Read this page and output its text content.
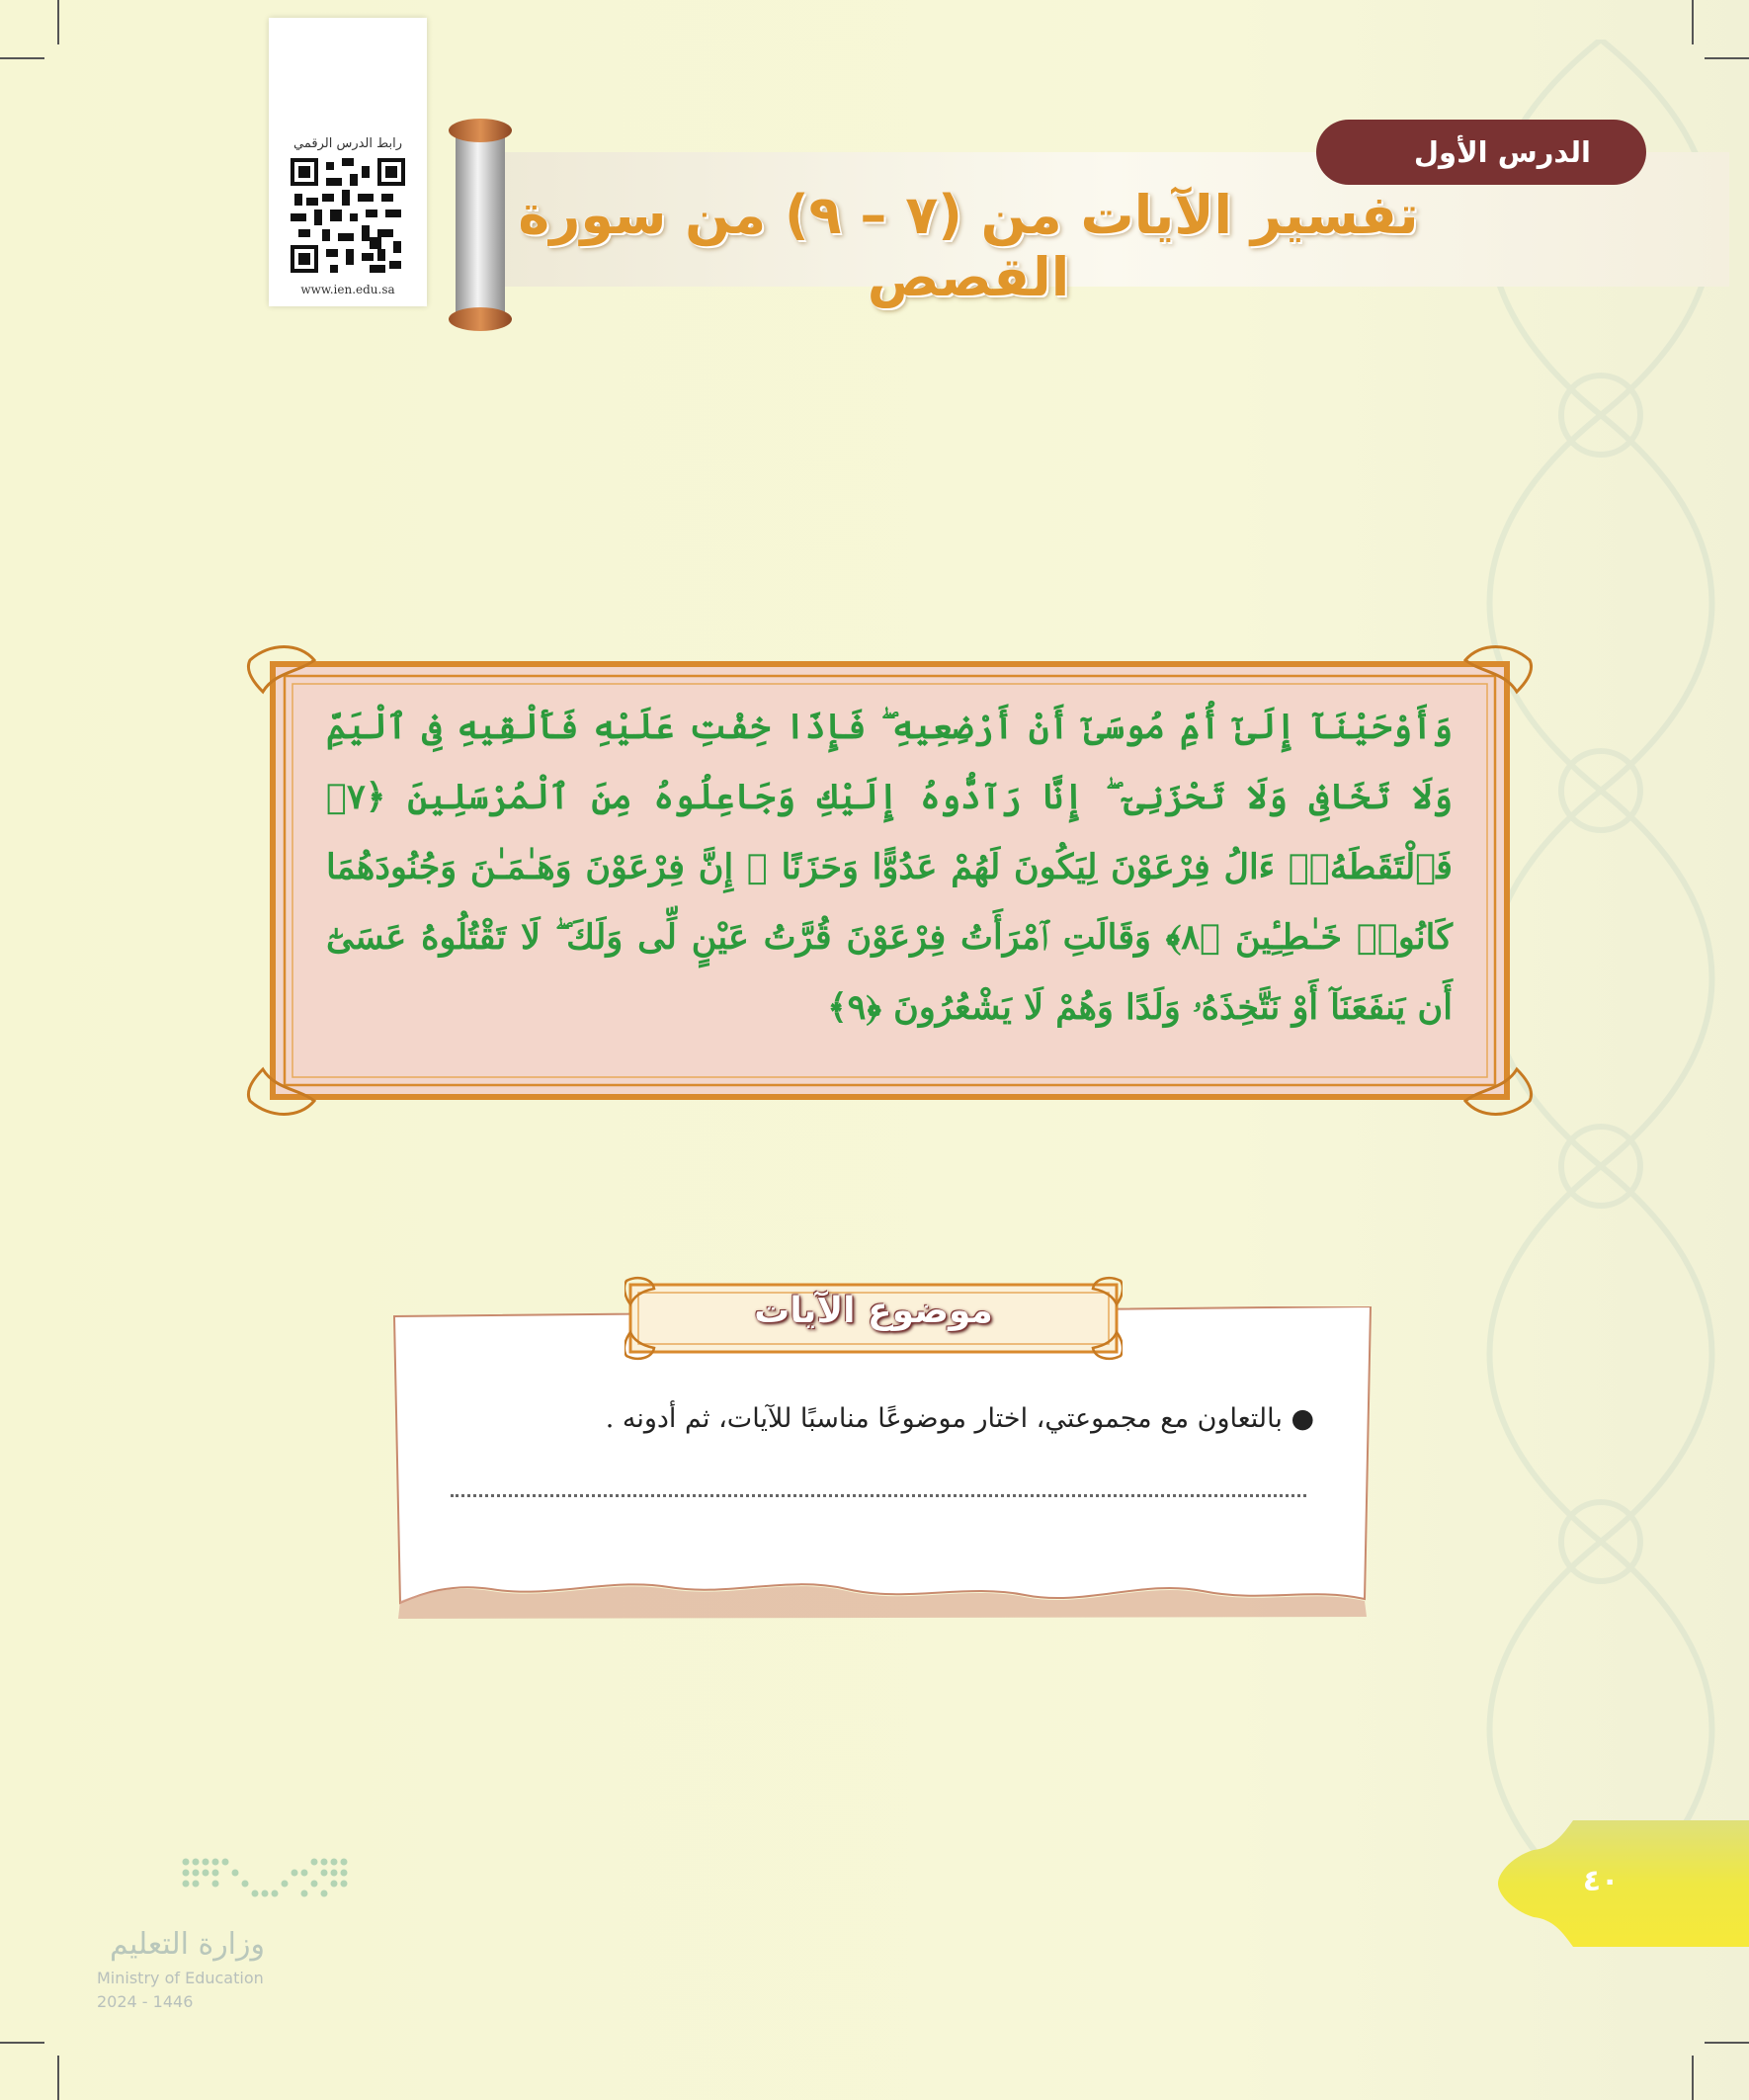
رابط الدرس الرقمي
www.ien.edu.sa
الدرس الأول
تفسير الآيات من (٧ – ٩) من سورة القصص
وَأَوْحَيْنَآ إِلَىٰٓ أُمِّ مُوسَىٰٓ أَنْ أَرْضِعِيهِ ۖ فَإِذَا خِفْتِ عَلَيْهِ فَأَلْقِيهِ فِى ٱلْيَمِّ وَلَا تَخَافِى وَلَا تَحْزَنِىٓ ۖ إِنَّا رَآدُّوهُ إِلَيْكِ وَجَاعِلُوهُ مِنَ ٱلْمُرْسَلِينَ ﴿٧﴾ فَٱلْتَقَطَهُۥٓ ءَالُ فِرْعَوْنَ لِيَكُونَ لَهُمْ عَدُوًّا وَحَزَنًا ۗ إِنَّ فِرْعَوْنَ وَهَـٰمَـٰنَ وَجُنُودَهُمَا كَانُوا۟ خَـٰطِـِٔينَ ﴿٨﴾ وَقَالَتِ ٱمْرَأَتُ فِرْعَوْنَ قُرَّتُ عَيْنٍ لِّى وَلَكَ ۖ لَا تَقْتُلُوهُ عَسَىٰٓ أَن يَنفَعَنَآ أَوْ نَتَّخِذَهُۥ وَلَدًا وَهُمْ لَا يَشْعُرُونَ ﴿٩﴾
موضوع الآيات
● بالتعاون مع مجموعتي، اختار موضوعًا مناسبًا للآيات، ثم أدونه .
وزارة التعليم
Ministry of Education
2024 - 1446
٤٠
